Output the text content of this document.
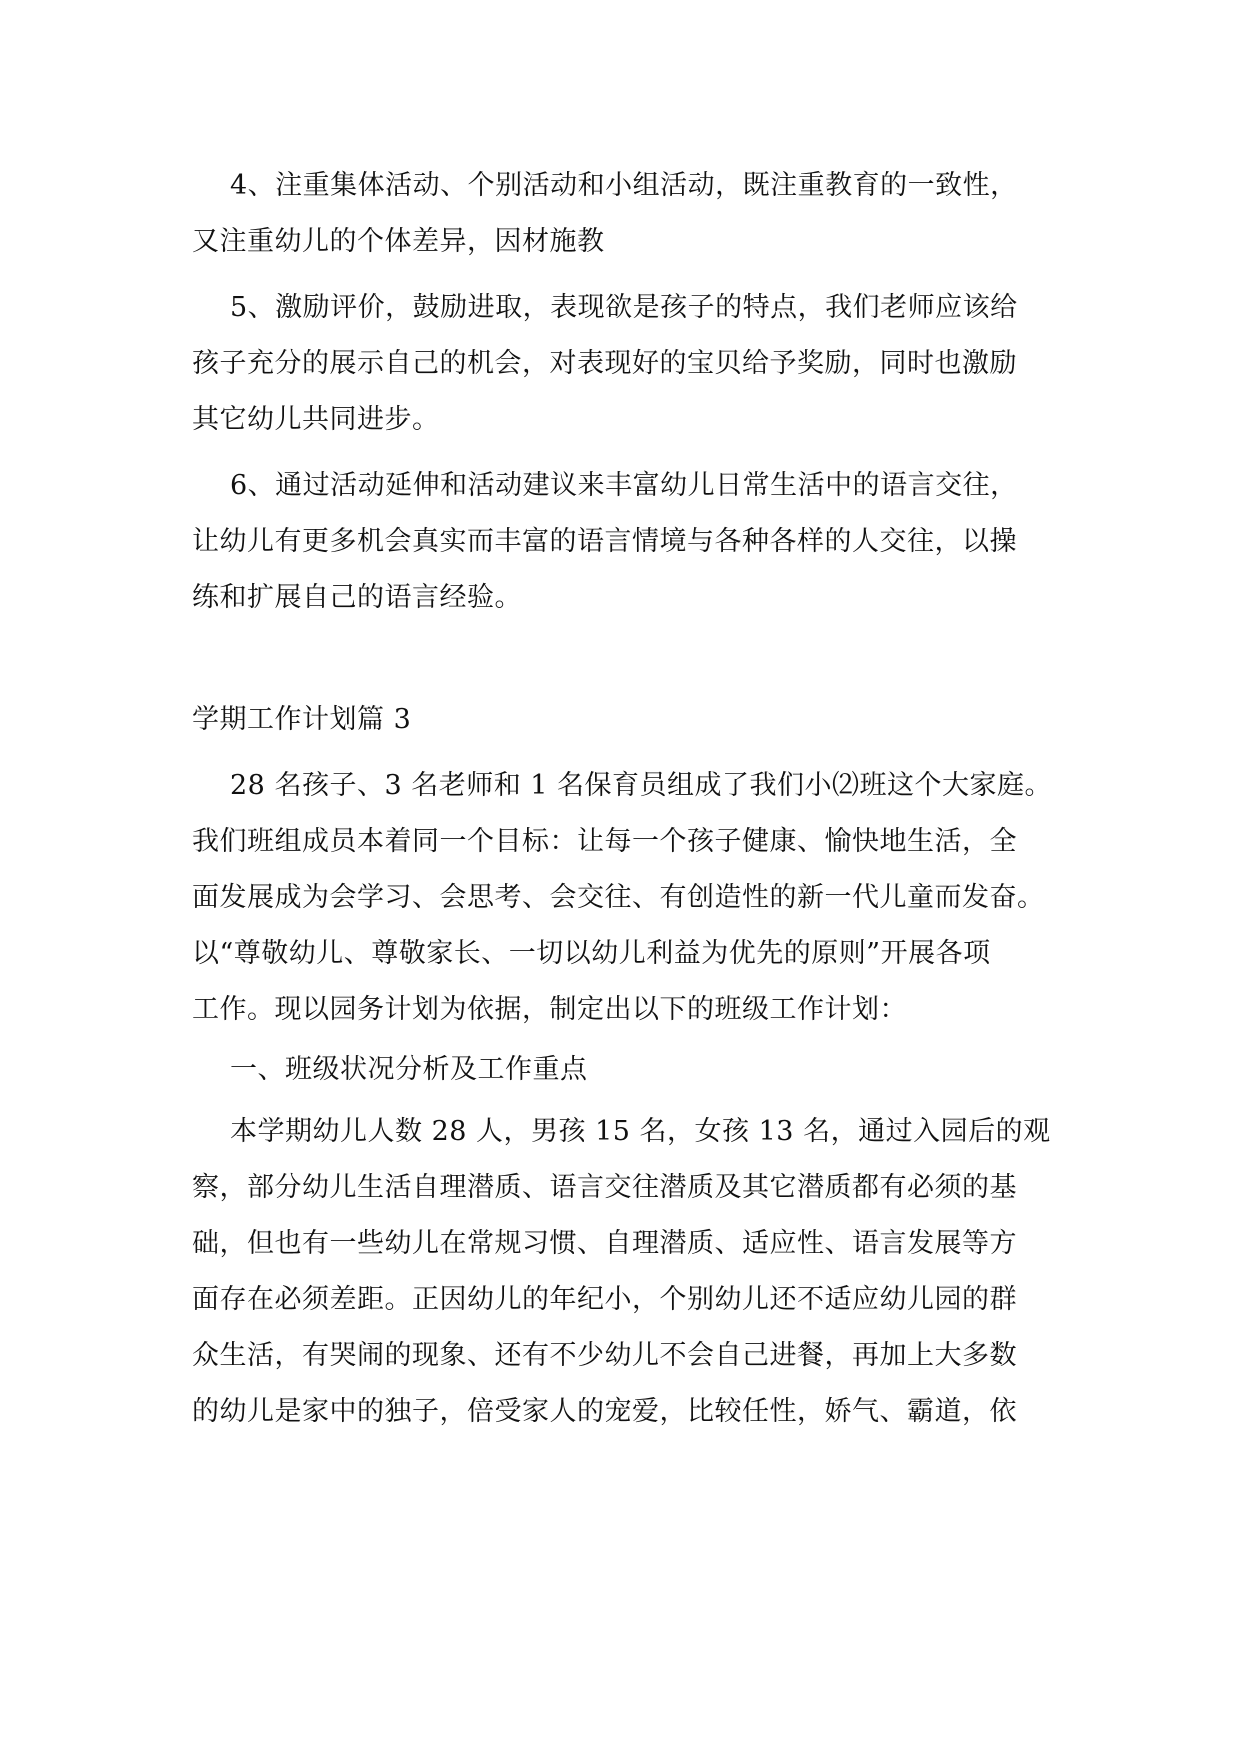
4、注重集体活动、个别活动和小组活动，既注重教育的一致性，
又注重幼儿的个体差异，因材施教
5、激励评价，鼓励进取，表现欲是孩子的特点，我们老师应该给
孩子充分的展示自己的机会，对表现好的宝贝给予奖励，同时也激励
其它幼儿共同进步。
6、通过活动延伸和活动建议来丰富幼儿日常生活中的语言交往，
让幼儿有更多机会真实而丰富的语言情境与各种各样的人交往，以操
练和扩展自己的语言经验。
学期工作计划篇 3
28 名孩子、3 名老师和 1 名保育员组成了我们小⑵班这个大家庭。
我们班组成员本着同一个目标：让每一个孩子健康、愉快地生活，全
面发展成为会学习、会思考、会交往、有创造性的新一代儿童而发奋。
以“尊敬幼儿、尊敬家长、一切以幼儿利益为优先的原则”开展各项
工作。现以园务计划为依据，制定出以下的班级工作计划：
一、班级状况分析及工作重点
本学期幼儿人数 28 人，男孩 15 名，女孩 13 名，通过入园后的观
察，部分幼儿生活自理潜质、语言交往潜质及其它潜质都有必须的基
础，但也有一些幼儿在常规习惯、自理潜质、适应性、语言发展等方
面存在必须差距。正因幼儿的年纪小，个别幼儿还不适应幼儿园的群
众生活，有哭闹的现象、还有不少幼儿不会自己进餐，再加上大多数
的幼儿是家中的独子，倍受家人的宠爱，比较任性，娇气、霸道，依
